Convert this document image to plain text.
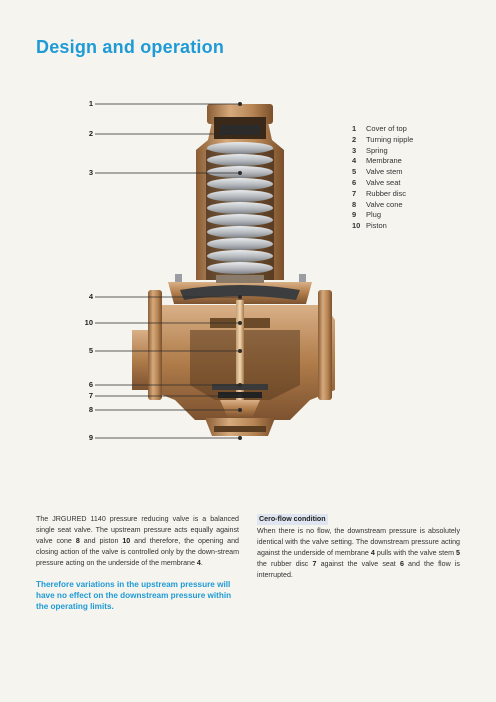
Design and operation
1
2
3
4
10
5
6
7
8
9
1	Cover of top
2	Turning nipple
3	Spring
4	Membrane
5	Valve stem
6	Valve seat
7	Rubber disc
8	Valve cone
9	Plug
10 Piston
The JRGURED 1140 pressure reducing valve is a balanced single seat valve. The upstream pressure acts equally against valve cone 8 and piston 10 and therefore, the opening and closing action of the valve is controlled only by the down-stream pressure acting on the underside of the membrane 4.
Therefore variations in the upstream pressure will have no effect on the downstream pressure within the operating limits.
Cero-flow condition
When there is no flow, the downstream pressure is absolutely identical with the valve setting. The downstream pressure acting against the underside of membrane 4 pulls with the valve stem 5 the rubber disc 7 against the valve seat 6 and the flow is interrupted.
